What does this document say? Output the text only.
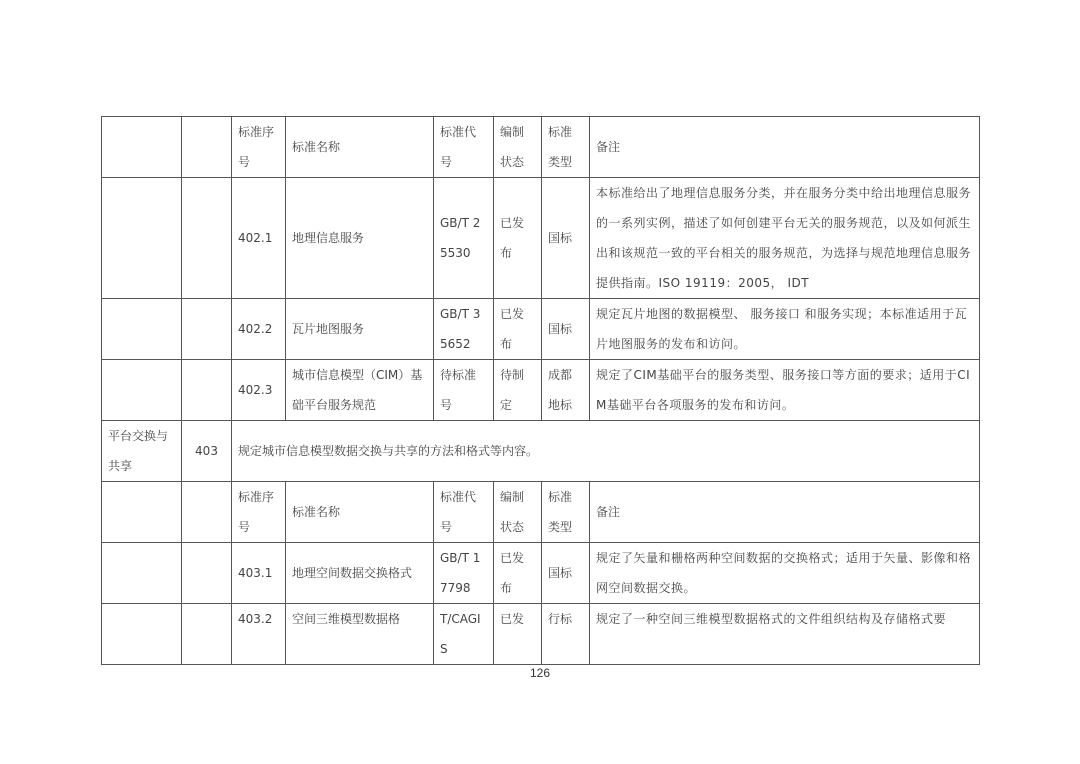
		标准序号	标准名称	标准代号	编制状态	标准类型	备注
		402.1	地理信息服务	GB/T 25530	已发布	国标	本标准给出了地理信息服务分类，并在服务分类中给出地理信息服务的一系列实例，描述了如何创建平台无关的服务规范，以及如何派生出和该规范一致的平台相关的服务规范，为选择与规范地理信息服务提供指南。ISO 19119：2005， IDT
		402.2	瓦片地图服务	GB/T 35652	已发布	国标	规定瓦片地图的数据模型、 服务接口 和服务实现；本标准适用于瓦片地图服务的发布和访问。
		402.3	城市信息模型（CIM）基础平台服务规范	待标准号	待制定	成都地标	规定了CIM基础平台的服务类型、服务接口等方面的要求；适用于CIM基础平台各项服务的发布和访问。
平台交换与共享	403	规定城市信息模型数据交换与共享的方法和格式等内容。					
		标准序号	标准名称	标准代号	编制状态	标准类型	备注
		403.1	地理空间数据交换格式	GB/T 17798	已发布	国标	规定了矢量和栅格两种空间数据的交换格式；适用于矢量、影像和格网空间数据交换。
		403.2	空间三维模型数据格	T/CAGIS	已发	行标	规定了一种空间三维模型数据格式的文件组织结构及存储格式要
126
